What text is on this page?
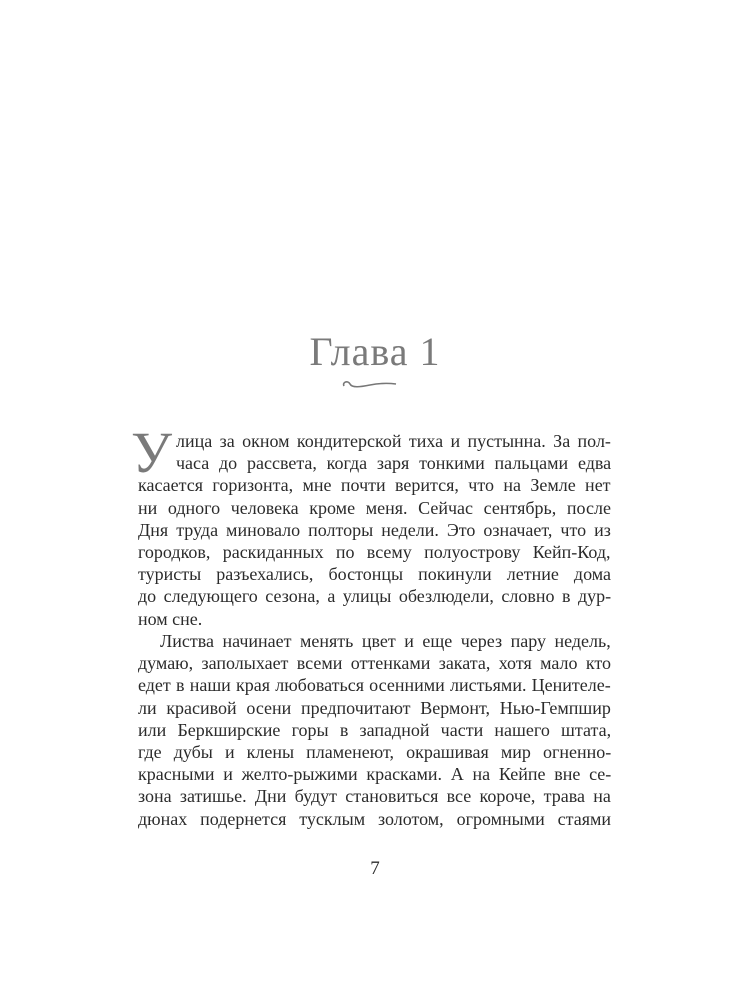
Глава 1
У лица за окном кондитерской тиха и пустынна. За пол-
часа до рассвета, когда заря тонкими пальцами едва
касается горизонта, мне почти верится, что на Земле нет
ни одного человека кроме меня. Сейчас сентябрь, после
Дня труда миновало полторы недели. Это означает, что из
городков, раскиданных по всему полуострову Кейп-Код,
туристы разъехались, бостонцы покинули летние дома
до следующего сезона, а улицы обезлюдели, словно в дур-
ном сне.
Листва начинает менять цвет и еще через пару недель,
думаю, заполыхает всеми оттенками заката, хотя мало кто
едет в наши края любоваться осенними листьями. Ценителе-
ли красивой осени предпочитают Вермонт, Нью-Гемпшир
или Беркширские горы в западной части нашего штата,
где дубы и клены пламенеют, окрашивая мир огненно-
красными и желто-рыжими красками. А на Кейпе вне се-
зона затишье. Дни будут становиться все короче, трава на
дюнах подернется тусклым золотом, огромными стаями
7
